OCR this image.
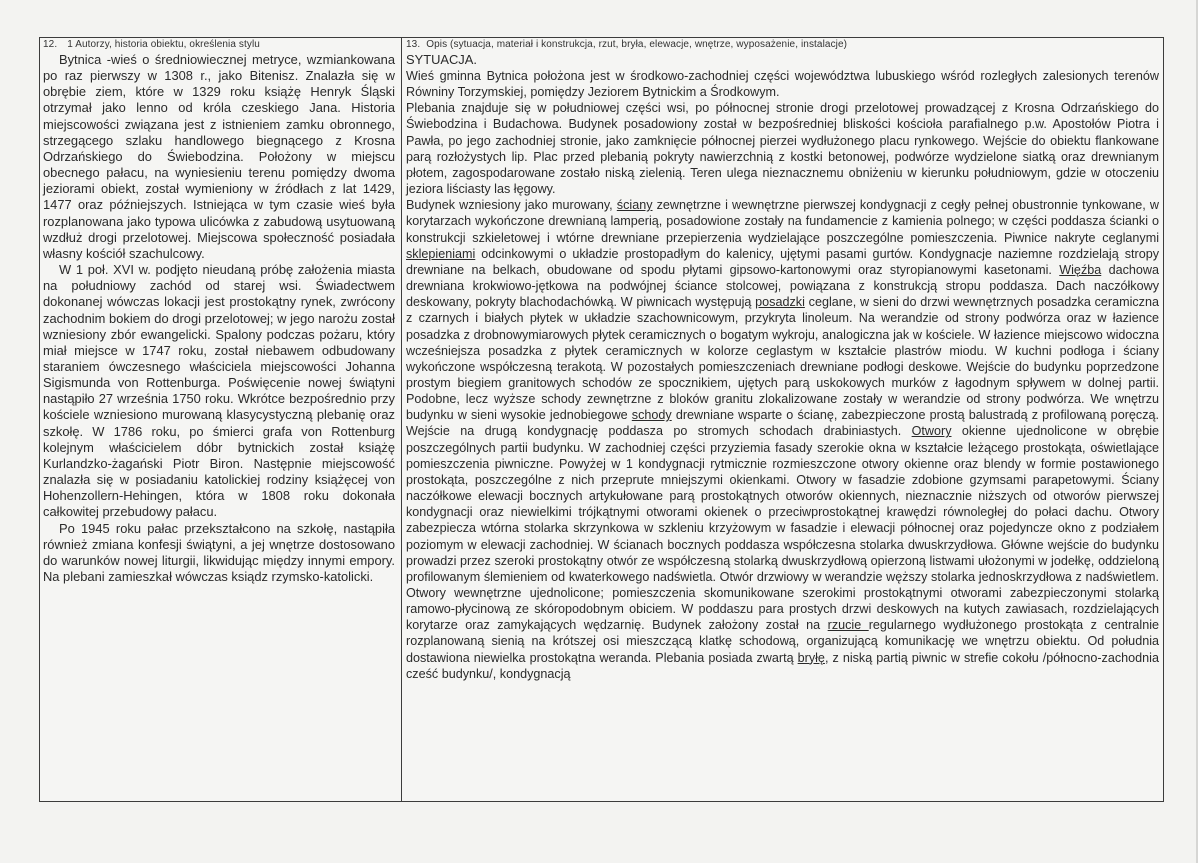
12. 1 Autorzy, historia obiektu, określenia stylu

Bytnica -wieś o średniowiecznej metryce, wzmiankowana po raz pierwszy w 1308 r., jako Bitenisz. Znalazła się w obrębie ziem, które w 1329 roku książę Henryk Śląski otrzymał jako lenno od króla czeskiego Jana. Historia miejscowości związana jest z istnieniem zamku obronnego, strzegącego szlaku handlowego biegnącego z Krosna Odrzańskiego do Świebodzina. Położony w miejscu obecnego pałacu, na wyniesieniu terenu pomiędzy dwoma jeziorami obiekt, został wymieniony w źródłach z lat 1429, 1477 oraz późniejszych. Istniejąca w tym czasie wieś była rozplanowana jako typowa ulicówka z zabudową usytuowaną wzdłuż drogi przelotowej. Miejscowa społeczność posiadała własny kościół szachulcowy.

W 1 poł. XVI w. podjęto nieudaną próbę założenia miasta na południowy zachód od starej wsi. Świadectwem dokonanej wówczas lokacji jest prostokątny rynek, zwrócony zachodnim bokiem do drogi przelotowej; w jego narożu został wzniesiony zbór ewangelicki. Spalony podczas pożaru, który miał miejsce w 1747 roku, został niebawem odbudowany staraniem ówczesnego właściciela miejscowości Johanna Sigismunda von Rottenburga. Poświęcenie nowej świątyni nastąpiło 27 września 1750 roku. Wkrótce bezpośrednio przy kościele wzniesiono murowaną klasycystyczną plebanię oraz szkołę. W 1786 roku, po śmierci grafa von Rottenburg kolejnym właścicielem dóbr bytnickich został książę Kurlandzko-żagański Piotr Biron. Następnie miejscowość znalazła się w posiadaniu katolickiej rodziny książęcej von Hohenzollern-Hehingen, która w 1808 roku dokonała całkowitej przebudowy pałacu.

Po 1945 roku pałac przekształcono na szkołę, nastąpiła również zmiana konfesji świątyni, a jej wnętrze dostosowano do warunków nowej liturgii, likwidując między innymi empory. Na plebani zamieszkał wówczas ksiądz rzymsko-katolicki.

13. Opis (sytuacja, materiał i konstrukcja, rzut, bryła, elewacje, wnętrze, wyposażenie, instalacje)

SYTUACJA.

Wieś gminna Bytnica położona jest w środkowo-zachodniej części województwa lubuskiego wśród rozległych zalesionych terenów Równiny Torzymskiej, pomiędzy Jeziorem Bytnickim a Środkowym.

Plebania znajduje się w południowej części wsi, po północnej stronie drogi przelotowej prowadzącej z Krosna Odrzańskiego do Świebodzina i Budachowa. Budynek posadowiony został w bezpośredniej bliskości kościoła parafialnego p.w. Apostołów Piotra i Pawła, po jego zachodniej stronie, jako zamknięcie północnej pierzei wydłużonego placu rynkowego. Wejście do obiektu flankowane parą rozłożystych lip. Plac przed plebanią pokryty nawierzchnią z kostki betonowej, podwórze wydzielone siatką oraz drewnianym płotem, zagospodarowane zostało niską zielenią. Teren ulega nieznacznemu obniżeniu w kierunku południowym, gdzie w otoczeniu jeziora liściasty las łęgowy.

Budynek wzniesiony jako murowany, ściany zewnętrzne i wewnętrzne pierwszej kondygnacji z cegły pełnej obustronnie tynkowane, w korytarzach wykończone drewnianą lamperią, posadowione zostały na fundamencie z kamienia polnego; w części poddasza ścianki o konstrukcji szkieletowej i wtórne drewniane przepierzenia wydzielające poszczególne pomieszczenia. Piwnice nakryte ceglanymi sklepieniami odcinkowymi o układzie prostopadłym do kalenicy, ujętymi pasami gurtów. Kondygnacje naziemne rozdzielają stropy drewniane na belkach, obudowane od spodu płytami gipsowo-kartonowymi oraz styropianowymi kasetonami. Więźba dachowa drewniana krokwiowo-jętkowa na podwójnej ściance stolcowej, powiązana z konstrukcją stropu poddasza. Dach naczółkowy deskowany, pokryty blachodachówką. W piwnicach występują posadzki ceglane, w sieni do drzwi wewnętrznych posadzka ceramiczna z czarnych i białych płytek w układzie szachownicowym, przykryta linoleum. Na werandzie od strony podwórza oraz w łazience posadzka z drobnowymiarowych płytek ceramicznych o bogatym wykroju, analogiczna jak w kościele. W łazience miejscowo widoczna wcześniejsza posadzka z płytek ceramicznych w kolorze ceglastym w kształcie plastrów miodu. W kuchni podłoga i ściany wykończone współczesną terakotą. W pozostałych pomieszczeniach drewniane podłogi deskowe. Wejście do budynku poprzedzone prostym biegiem granitowych schodów ze spocznikiem, ujętych parą uskokowych murków z łagodnym spływem w dolnej partii. Podobne, lecz wyższe schody zewnętrzne z bloków granitu zlokalizowane zostały w werandzie od strony podwórza. We wnętrzu budynku w sieni wysokie jednobiegowe schody drewniane wsparte o ścianę, zabezpieczone prostą balustradą z profilowaną poręczą. Wejście na drugą kondygnację poddasza po stromych schodach drabiniastych. Otwory okienne ujednolicone w obrębie poszczególnych partii budynku. W zachodniej części przyziemia fasady szerokie okna w kształcie leżącego prostokąta, oświetlające pomieszczenia piwniczne. Powyżej w 1 kondygnacji rytmicznie rozmieszczone otwory okienne oraz blendy w formie postawionego prostokąta, poszczególne z nich przeprute mniejszymi okienkami. Otwory w fasadzie zdobione gzymsami parapetowymi. Ściany naczółkowe elewacji bocznych artykułowane parą prostokątnych otworów okiennych, nieznacznie niższych od otworów pierwszej kondygnacji oraz niewielkimi trójkątnymi otworami okienek o przeciwprostokątnej krawędzi równoległej do połaci dachu. Otwory zabezpiecza wtórna stolarka skrzynkowa w szkleniu krzyżowym w fasadzie i elewacji północnej oraz pojedyncze okno z podziałem poziomym w elewacji zachodniej. W ścianach bocznych poddasza współczesna stolarka dwuskrzydłowa. Główne wejście do budynku prowadzi przez szeroki prostokątny otwór ze współczesną stolarką dwuskrzydłową opierzoną listwami ułożonymi w jodełkę, oddzieloną profilowanym ślemieniem od kwaterkowego nadświetla. Otwór drzwiowy w werandzie węższy stolarka jednoskrzydłowa z nadświetlem. Otwory wewnętrzne ujednolicone; pomieszczenia skomunikowane szerokimi prostokątnymi otworami zabezpieczonymi stolarką ramowo-płycinową ze skóropodobnym obiciem. W poddaszu para prostych drzwi deskowych na kutych zawiasach, rozdzielających korytarze oraz zamykających wędzarnię. Budynek założony został na rzucie regularnego wydłużonego prostokąta z centralnie rozplanowaną sienią na krótszej osi mieszczącą klatkę schodową, organizującą komunikację we wnętrzu obiektu. Od południa dostawiona niewielka prostokątna weranda. Plebania posiada zwartą bryłę, z niską partią piwnic w strefie cokołu /północno-zachodnia cześć budynku/, kondygnacją
